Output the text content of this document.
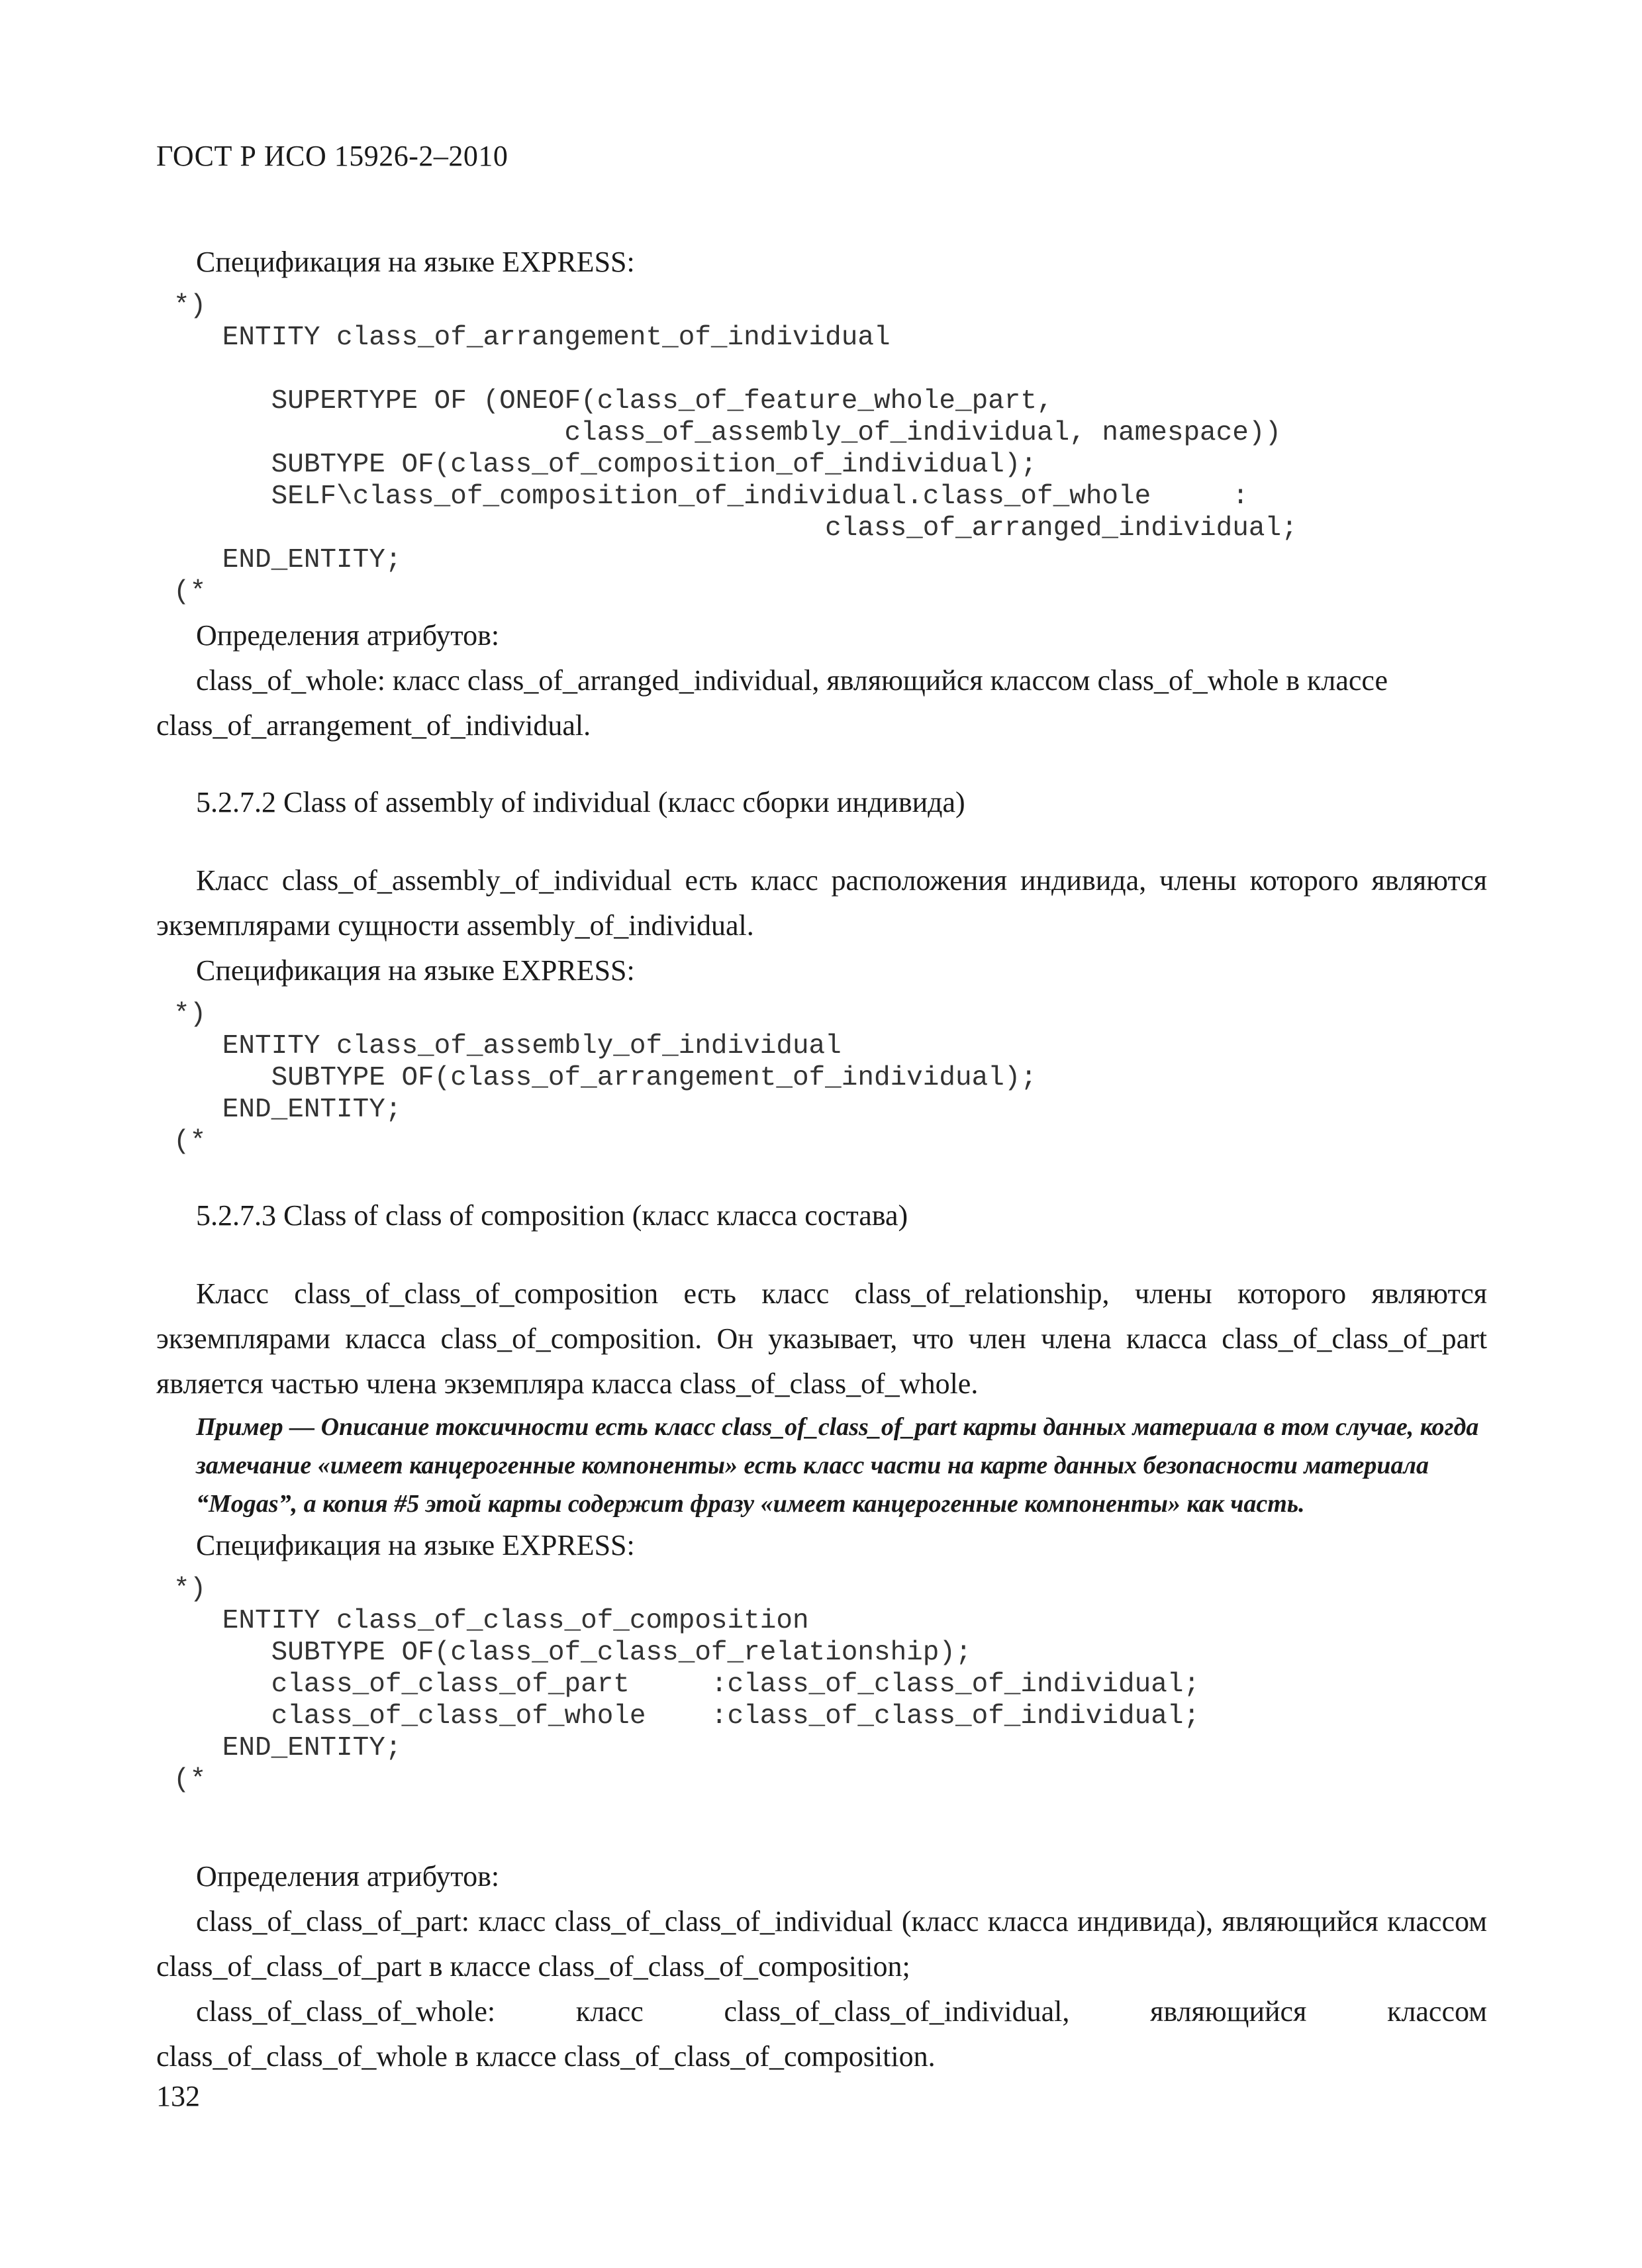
ГОСТ Р ИСО 15926-2–2010

Спецификация на языке EXPRESS:

*)
ENTITY class_of_arrangement_of_individual

SUPERTYPE OF (ONEOF(class_of_feature_whole_part,
class_of_assembly_of_individual, namespace))
SUBTYPE OF(class_of_composition_of_individual);
SELF\class_of_composition_of_individual.class_of_whole     :
class_of_arranged_individual;
END_ENTITY;
(*

Определения атрибутов:

class_of_whole: класс class_of_arranged_individual, являющийся классом class_of_whole в классе

class_of_arrangement_of_individual.

5.2.7.2 Class of assembly of individual (класс сборки индивида)

Класс class_of_assembly_of_individual есть класс расположения индивида, члены которого являются экземплярами сущности assembly_of_individual.

Спецификация на языке EXPRESS:

*)
ENTITY class_of_assembly_of_individual
SUBTYPE OF(class_of_arrangement_of_individual);
END_ENTITY;
(*

5.2.7.3 Class of class of composition (класс класса состава)

Класс class_of_class_of_composition есть класс class_of_relationship, члены которого являются экземплярами класса class_of_composition. Он указывает, что член члена класса class_of_class_of_part является частью члена экземпляра класса class_of_class_of_whole.

Пример — Описание токсичности есть класс class_of_class_of_part карты данных материала в том случае, когда замечание «имеет канцерогенные компоненты» есть класс части на карте данных безопасности материала “Mogas”, а копия #5 этой карты содержит фразу «имеет канцерогенные компоненты» как часть.

Спецификация на языке EXPRESS:

*)
ENTITY class_of_class_of_composition
SUBTYPE OF(class_of_class_of_relationship);
class_of_class_of_part     :class_of_class_of_individual;
class_of_class_of_whole    :class_of_class_of_individual;
END_ENTITY;
(*

Определения атрибутов:

class_of_class_of_part: класс class_of_class_of_individual (класс класса индивида), являющийся классом class_of_class_of_part в классе class_of_class_of_composition;

class_of_class_of_whole: класс class_of_class_of_individual, являющийся классом class_of_class_of_whole в классе class_of_class_of_composition.

132
